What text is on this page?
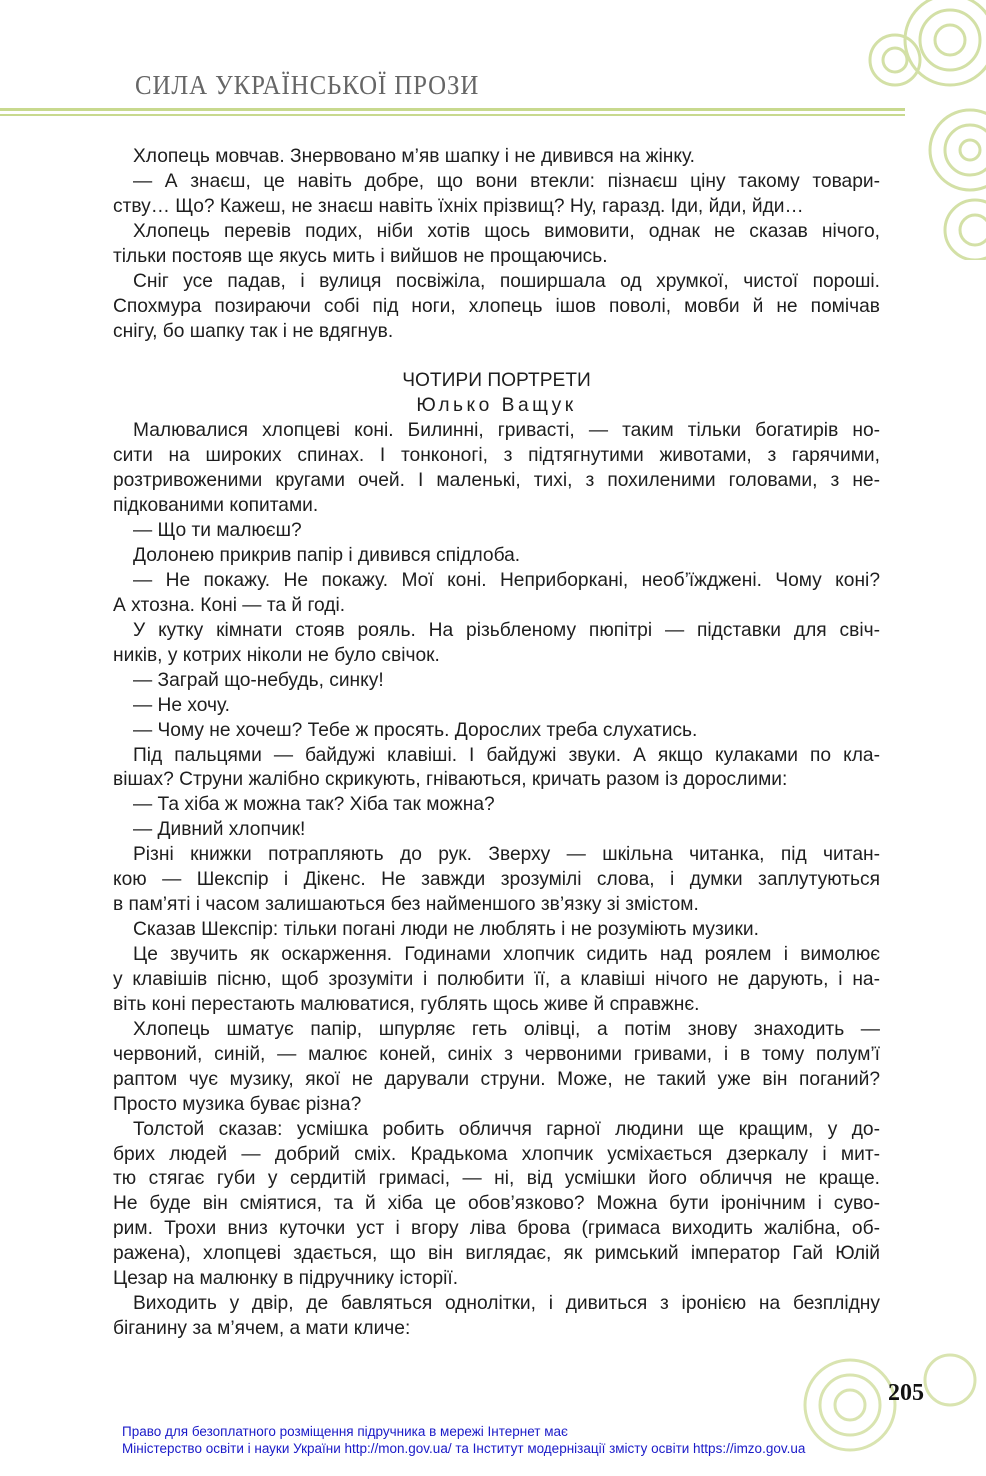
СИЛА УКРАЇНСЬКОЇ ПРОЗИ
Хлопець мовчав. Знервовано м’яв шапку і не дивився на жінку.
— А знаєш, це навіть добре, що вони втекли: пізнаєш ціну такому товари-
ству… Що? Кажеш, не знаєш навіть їхніх прізвищ? Ну, гаразд. Іди, йди, йди…
Хлопець перевів подих, ніби хотів щось вимовити, однак не сказав нічого,
тільки постояв ще якусь мить і вийшов не прощаючись.
Сніг усе падав, і вулиця посвіжіла, поширшала од хрумкої, чистої пороші.
Спохмура позираючи собі під ноги, хлопець ішов поволі, мовби й не помічав
снігу, бо шапку так і не вдягнув.
ЧОТИРИ ПОРТРЕТИ
Юлько Ващук
Малювалися хлопцеві коні. Билинні, гривасті, — таким тільки богатирів но-
сити на широких спинах. І тонконогі, з підтягнутими животами, з гарячими,
розтривоженими кругами очей. І маленькі, тихі, з похиленими головами, з не-
підкованими копитами.
— Що ти малюєш?
Долонею прикрив папір і дивився спідлоба.
— Не покажу. Не покажу. Мої коні. Неприборкані, необ’їжджені. Чому коні?
А хтозна. Коні — та й годі.
У кутку кімнати стояв рояль. На різьбленому пюпітрі — підставки для свіч-
ників, у котрих ніколи не було свічок.
— Заграй що-небудь, синку!
— Не хочу.
— Чому не хочеш? Тебе ж просять. Дорослих треба слухатись.
Під пальцями — байдужі клавіші. І байдужі звуки. А якщо кулаками по кла-
вішах? Струни жалібно скрикують, гніваються, кричать разом із дорослими:
— Та хіба ж можна так? Хіба так можна?
— Дивний хлопчик!
Різні книжки потрапляють до рук. Зверху — шкільна читанка, під читан-
кою — Шекспір і Дікенс. Не завжди зрозумілі слова, і думки заплутуються
в пам’яті і часом залишаються без найменшого зв’язку зі змістом.
Сказав Шекспір: тільки погані люди не люблять і не розуміють музики.
Це звучить як оскарження. Годинами хлопчик сидить над роялем і вимолює
у клавішів пісню, щоб зрозуміти і полюбити її, а клавіші нічого не дарують, і на-
віть коні перестають малюватися, гублять щось живе й справжнє.
Хлопець шматує папір, шпурляє геть олівці, а потім знову знаходить —
червоний, синій, — малює коней, синіх з червоними гривами, і в тому полум’ї
раптом чує музику, якої не дарували струни. Може, не такий уже він поганий?
Просто музика буває різна?
Толстой сказав: усмішка робить обличчя гарної людини ще кращим, у до-
брих людей — добрий сміх. Крадькома хлопчик усміхається дзеркалу і мит-
тю стягає губи у сердитій гримасі, — ні, від усмішки його обличчя не краще.
Не буде він сміятися, та й хіба це обов’язково? Можна бути іронічним і суво-
рим. Трохи вниз куточки уст і вгору ліва брова (гримаса виходить жалібна, об-
ражена), хлопцеві здається, що він виглядає, як римський імператор Гай Юлій
Цезар на малюнку в підручнику історії.
Виходить у двір, де бавляться однолітки, і дивиться з іронією на безплідну
біганину за м’ячем, а мати кличе:
205
Право для безоплатного розміщення підручника в мережі Інтернет має
Міністерство освіти і науки України http://mon.gov.ua/ та Інститут модернізації змісту освіти https://imzo.gov.ua
